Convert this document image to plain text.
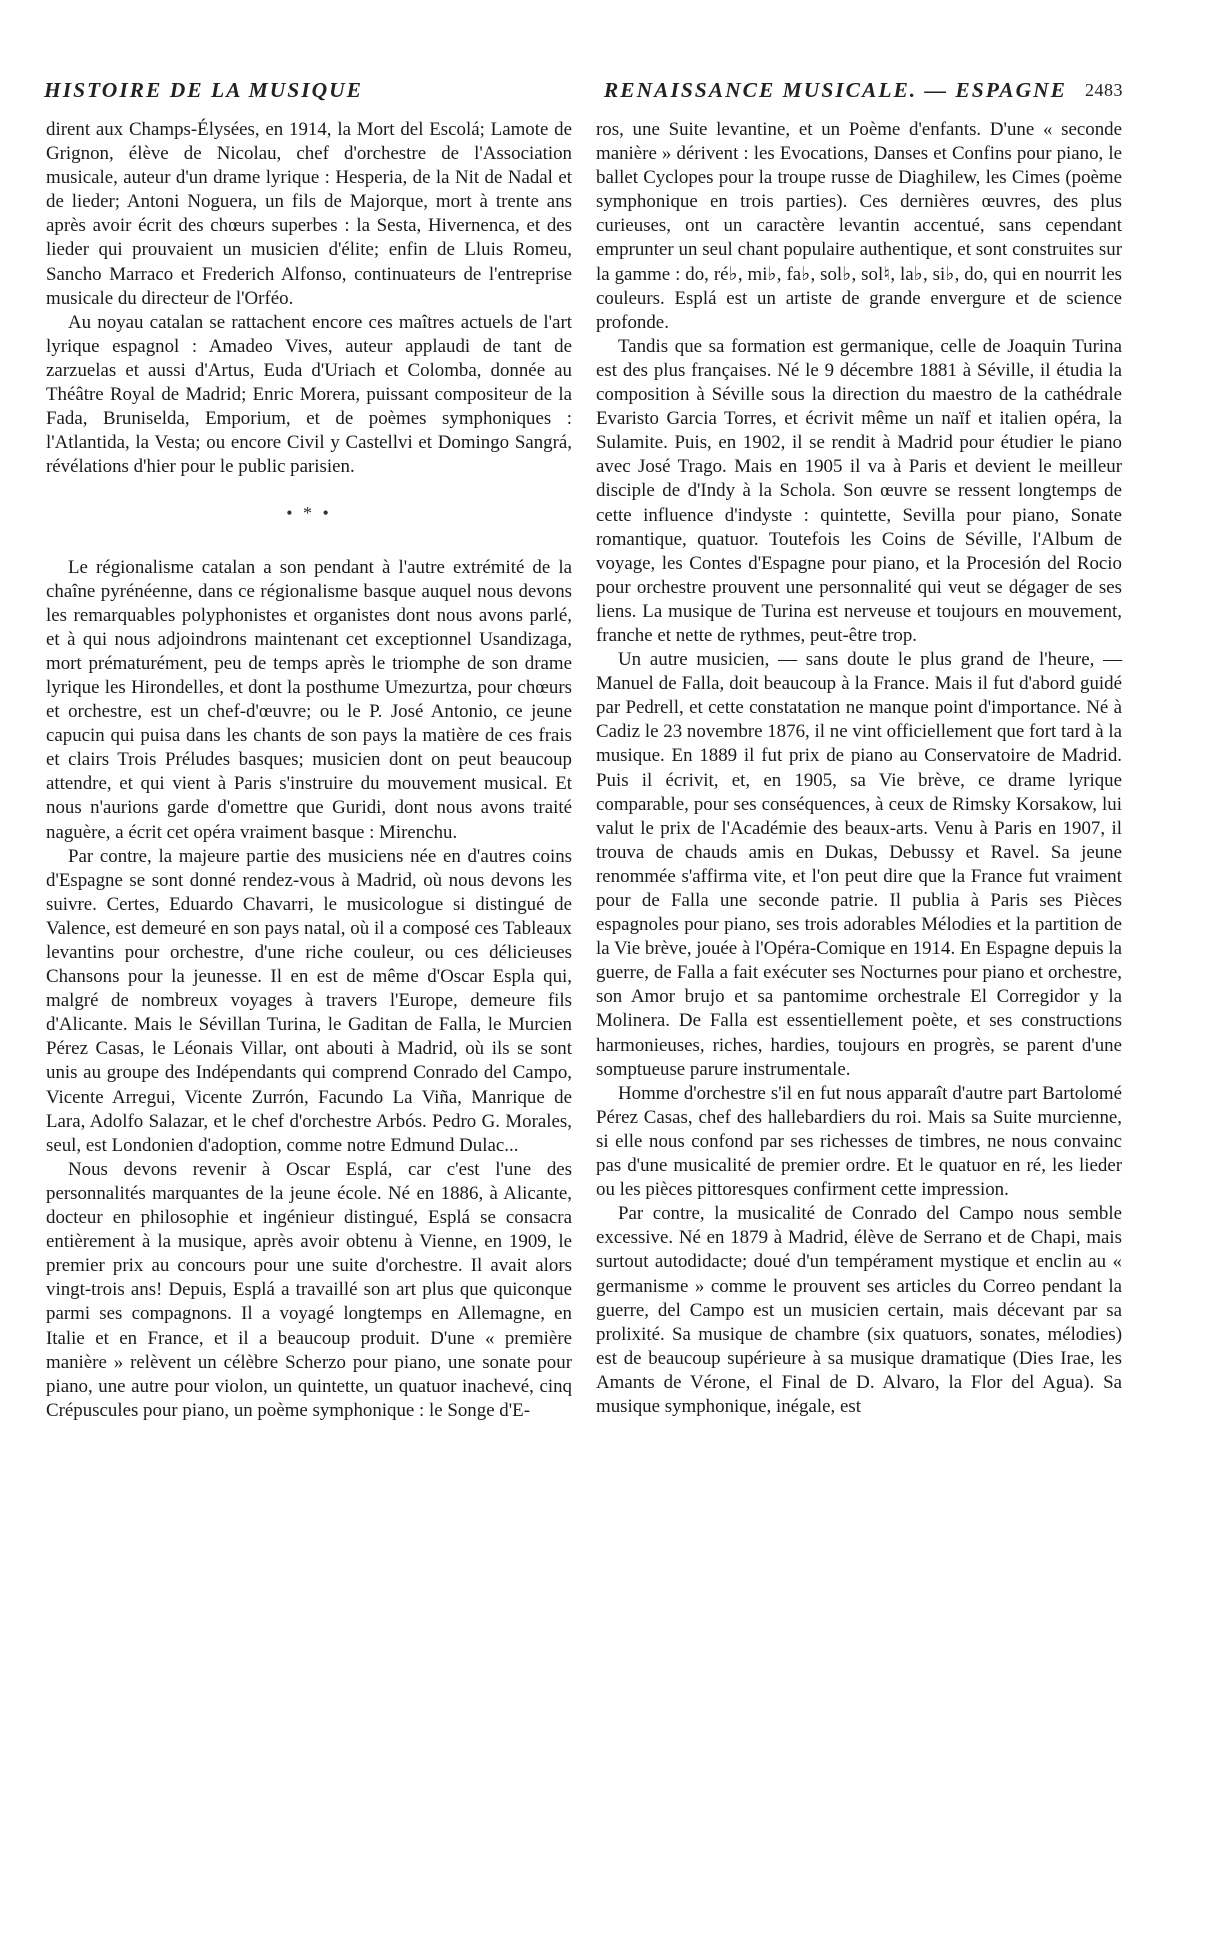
HISTOIRE DE LA MUSIQUE	RENAISSANCE MUSICALE. — ESPAGNE 2483

dirent aux Champs-Élysées, en 1914, la Mort del Escolá; Lamote de Grignon, élève de Nicolau, chef d'orchestre de l'Association musicale, auteur d'un drame lyrique : Hesperia, de la Nit de Nadal et de lieder; Antoni Noguera, un fils de Majorque, mort à trente ans après avoir écrit des chœurs superbes : la Sesta, Hivernenca, et des lieder qui prouvaient un musicien d'élite; enfin de Lluis Romeu, Sancho Marraco et Frederich Alfonso, continuateurs de l'entreprise musicale du directeur de l'Orféo.

Au noyau catalan se rattachent encore ces maîtres actuels de l'art lyrique espagnol : Amadeo Vives, auteur applaudi de tant de zarzuelas et aussi d'Artus, Euda d'Uriach et Colomba, donnée au Théâtre Royal de Madrid; Enric Morera, puissant compositeur de la Fada, Bruniselda, Emporium, et de poèmes symphoniques : l'Atlantida, la Vesta; ou encore Civil y Castellvi et Domingo Sangrá, révélations d'hier pour le public parisien.

• * •

Le régionalisme catalan a son pendant à l'autre extrémité de la chaîne pyrénéenne, dans ce régionalisme basque auquel nous devons les remarquables polyphonistes et organistes dont nous avons parlé, et à qui nous adjoindrons maintenant cet exceptionnel Usandizaga, mort prématurément, peu de temps après le triomphe de son drame lyrique les Hirondelles, et dont la posthume Umezurtza, pour chœurs et orchestre, est un chef-d'œuvre; ou le P. José Antonio, ce jeune capucin qui puisa dans les chants de son pays la matière de ces frais et clairs Trois Préludes basques; musicien dont on peut beaucoup attendre, et qui vient à Paris s'instruire du mouvement musical. Et nous n'aurions garde d'omettre que Guridi, dont nous avons traité naguère, a écrit cet opéra vraiment basque : Mirenchu.

Par contre, la majeure partie des musiciens née en d'autres coins d'Espagne se sont donné rendez-vous à Madrid, où nous devons les suivre. Certes, Eduardo Chavarri, le musicologue si distingué de Valence, est demeuré en son pays natal, où il a composé ces Tableaux levantins pour orchestre, d'une riche couleur, ou ces délicieuses Chansons pour la jeunesse. Il en est de même d'Oscar Espla qui, malgré de nombreux voyages à travers l'Europe, demeure fils d'Alicante. Mais le Sévillan Turina, le Gaditan de Falla, le Murcien Pérez Casas, le Léonais Villar, ont abouti à Madrid, où ils se sont unis au groupe des Indépendants qui comprend Conrado del Campo, Vicente Arregui, Vicente Zurrón, Facundo La Viña, Manrique de Lara, Adolfo Salazar, et le chef d'orchestre Arbós. Pedro G. Morales, seul, est Londonien d'adoption, comme notre Edmund Dulac...

Nous devons revenir à Oscar Esplá, car c'est l'une des personnalités marquantes de la jeune école. Né en 1886, à Alicante, docteur en philosophie et ingénieur distingué, Esplá se consacra entièrement à la musique, après avoir obtenu à Vienne, en 1909, le premier prix au concours pour une suite d'orchestre. Il avait alors vingt-trois ans! Depuis, Esplá a travaillé son art plus que quiconque parmi ses compagnons. Il a voyagé longtemps en Allemagne, en Italie et en France, et il a beaucoup produit. D'une « première manière » relèvent un célèbre Scherzo pour piano, une sonate pour piano, une autre pour violon, un quintette, un quatuor inachevé, cinq Crépuscules pour piano, un poème symphonique : le Songe d'E-

ros, une Suite levantine, et un Poème d'enfants. D'une « seconde manière » dérivent : les Evocations, Danses et Confins pour piano, le ballet Cyclopes pour la troupe russe de Diaghilew, les Cimes (poème symphonique en trois parties). Ces dernières œuvres, des plus curieuses, ont un caractère levantin accentué, sans cependant emprunter un seul chant populaire authentique, et sont construites sur la gamme : do, ré♭, mi♭, fa♭, sol♭, sol♮, la♭, si♭, do, qui en nourrit les couleurs. Esplá est un artiste de grande envergure et de science profonde.

Tandis que sa formation est germanique, celle de Joaquin Turina est des plus françaises. Né le 9 décembre 1881 à Séville, il étudia la composition à Séville sous la direction du maestro de la cathédrale Evaristo Garcia Torres, et écrivit même un naïf et italien opéra, la Sulamite. Puis, en 1902, il se rendit à Madrid pour étudier le piano avec José Trago. Mais en 1905 il va à Paris et devient le meilleur disciple de d'Indy à la Schola. Son œuvre se ressent longtemps de cette influence d'indyste : quintette, Sevilla pour piano, Sonate romantique, quatuor. Toutefois les Coins de Séville, l'Album de voyage, les Contes d'Espagne pour piano, et la Procesión del Rocio pour orchestre prouvent une personnalité qui veut se dégager de ses liens. La musique de Turina est nerveuse et toujours en mouvement, franche et nette de rythmes, peut-être trop.

Un autre musicien, — sans doute le plus grand de l'heure, — Manuel de Falla, doit beaucoup à la France. Mais il fut d'abord guidé par Pedrell, et cette constatation ne manque point d'importance. Né à Cadiz le 23 novembre 1876, il ne vint officiellement que fort tard à la musique. En 1889 il fut prix de piano au Conservatoire de Madrid. Puis il écrivit, et, en 1905, sa Vie brève, ce drame lyrique comparable, pour ses conséquences, à ceux de Rimsky Korsakow, lui valut le prix de l'Académie des beaux-arts. Venu à Paris en 1907, il trouva de chauds amis en Dukas, Debussy et Ravel. Sa jeune renommée s'affirma vite, et l'on peut dire que la France fut vraiment pour de Falla une seconde patrie. Il publia à Paris ses Pièces espagnoles pour piano, ses trois adorables Mélodies et la partition de la Vie brève, jouée à l'Opéra-Comique en 1914. En Espagne depuis la guerre, de Falla a fait exécuter ses Nocturnes pour piano et orchestre, son Amor brujo et sa pantomime orchestrale El Corregidor y la Molinera. De Falla est essentiellement poète, et ses constructions harmonieuses, riches, hardies, toujours en progrès, se parent d'une somptueuse parure instrumentale.

Homme d'orchestre s'il en fut nous apparaît d'autre part Bartolomé Pérez Casas, chef des hallebardiers du roi. Mais sa Suite murcienne, si elle nous confond par ses richesses de timbres, ne nous convainc pas d'une musicalité de premier ordre. Et le quatuor en ré, les lieder ou les pièces pittoresques confirment cette impression.

Par contre, la musicalité de Conrado del Campo nous semble excessive. Né en 1879 à Madrid, élève de Serrano et de Chapi, mais surtout autodidacte; doué d'un tempérament mystique et enclin au « germanisme » comme le prouvent ses articles du Correo pendant la guerre, del Campo est un musicien certain, mais décevant par sa prolixité. Sa musique de chambre (six quatuors, sonates, mélodies) est de beaucoup supérieure à sa musique dramatique (Dies Irae, les Amants de Vérone, el Final de D. Alvaro, la Flor del Agua). Sa musique symphonique, inégale, est
